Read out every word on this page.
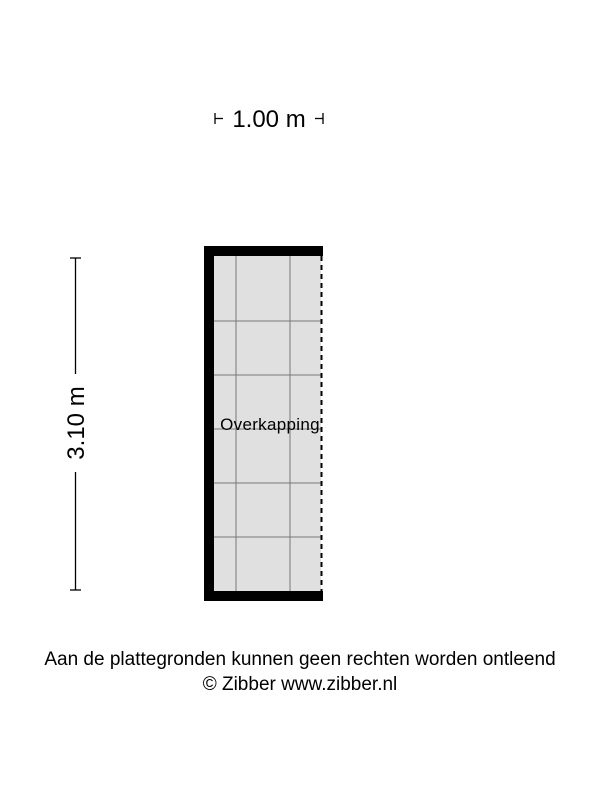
1.00 m
3.10 m	Overkapping
Aan de plattegronden kunnen geen rechten worden ontleend
© Zibber www.zibber.nl
